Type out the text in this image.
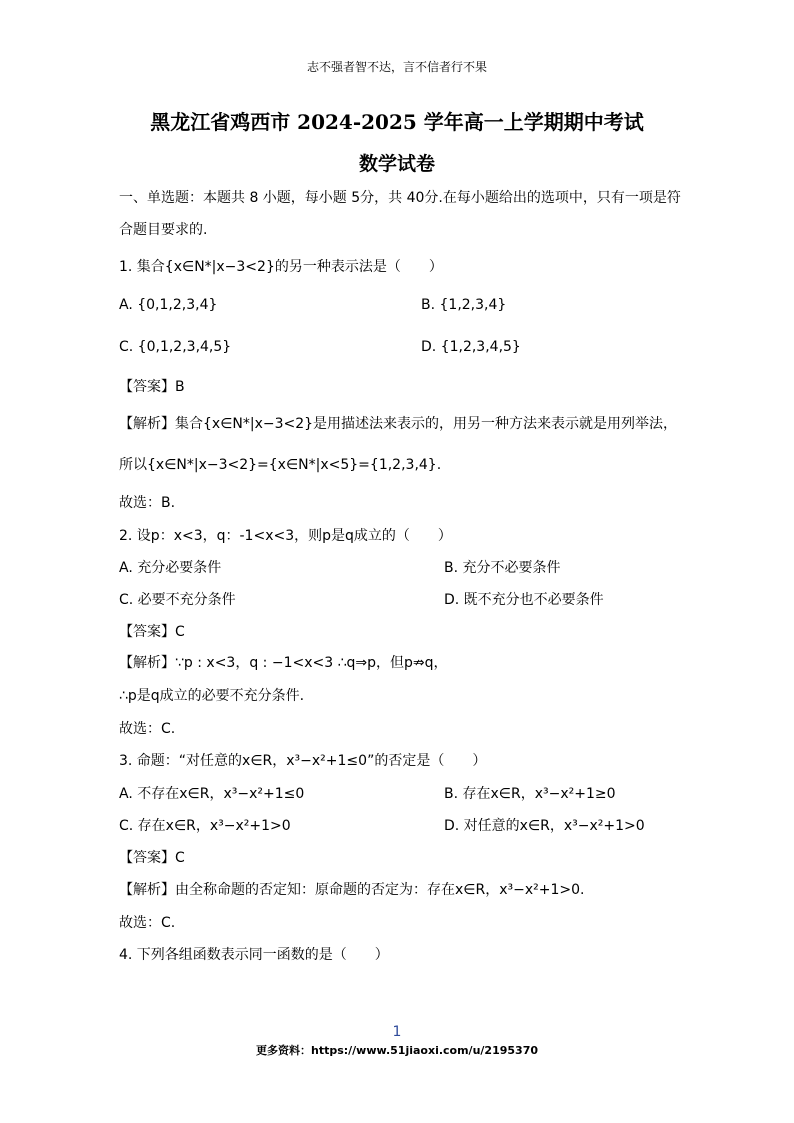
志不强者智不达，言不信者行不果
黑龙江省鸡西市 2024-2025 学年高一上学期期中考试
数学试卷
一、单选题：本题共 8 小题，每小题 5分，共 40分.在每小题给出的选项中，只有一项是符
合题目要求的.
1. 集合{x∈N*|x−3<2}的另一种表示法是（　　）
A. {0,1,2,3,4}	B. {1,2,3,4}
C. {0,1,2,3,4,5}	D. {1,2,3,4,5}
【答案】B
【解析】集合{x∈N*|x−3<2}是用描述法来表示的，用另一种方法来表示就是用列举法，
所以{x∈N*|x−3<2}={x∈N*|x<5}={1,2,3,4}.
故选：B.
2. 设p：x<3，q：-1<x<3，则p是q成立的（　　）
A. 充分必要条件	B. 充分不必要条件
C. 必要不充分条件	D. 既不充分也不必要条件
【答案】C
【解析】∵p : x<3，q : −1<x<3 ∴q⇒p，但p⇏q，
∴p是q成立的必要不充分条件.
故选：C.
3. 命题：“对任意的x∈R，x³−x²+1≤0”的否定是（　　）
A. 不存在x∈R，x³−x²+1≤0	B. 存在x∈R，x³−x²+1≥0
C. 存在x∈R，x³−x²+1>0	D. 对任意的x∈R，x³−x²+1>0
【答案】C
【解析】由全称命题的否定知：原命题的否定为：存在x∈R，x³−x²+1>0.
故选：C.
4. 下列各组函数表示同一函数的是（　　）
1
更多资料：https://www.51jiaoxi.com/u/2195370
